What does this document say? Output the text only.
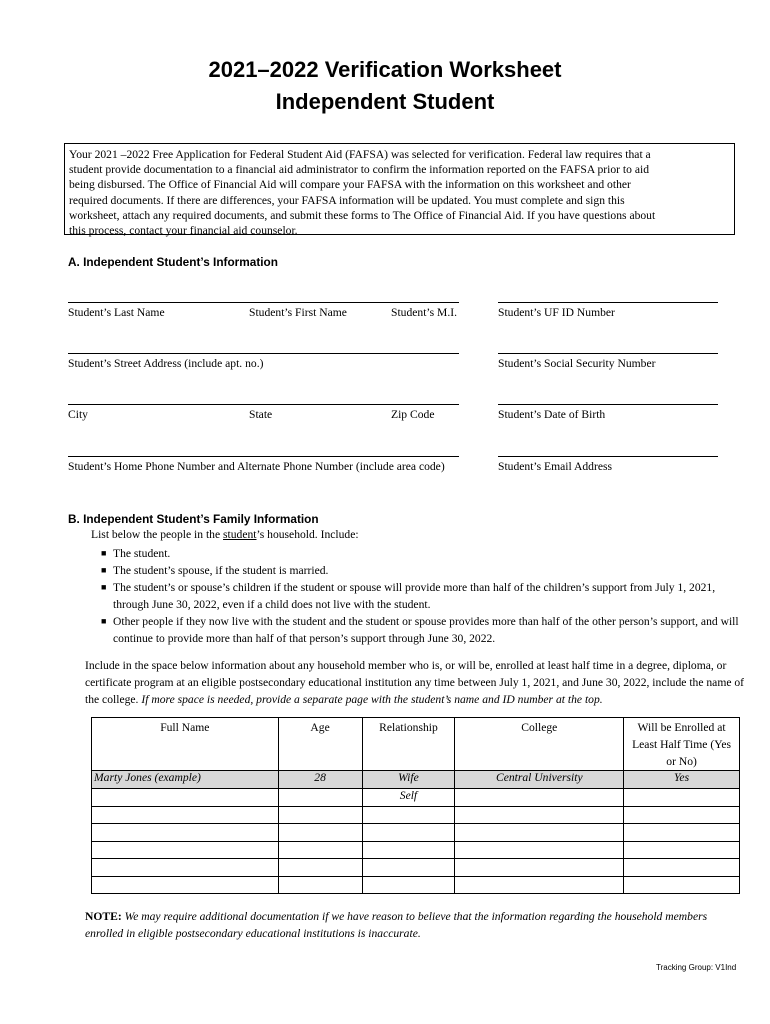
2021–2022 Verification Worksheet
Independent Student
Your 2021 –2022 Free Application for Federal Student Aid (FAFSA) was selected for verification. Federal law requires that a
student provide documentation to a financial aid administrator to confirm the information reported on the FAFSA prior to aid
being disbursed. The Office of Financial Aid will compare your FAFSA with the information on this worksheet and other
required documents. If there are differences, your FAFSA information will be updated. You must complete and sign this
worksheet, attach any required documents, and submit these forms to The Office of Financial Aid. If you have questions about
this process, contact your financial aid counselor.
A. Independent Student’s Information
Student’s Last Name	Student’s First Name	Student’s M.I.	Student’s UF ID Number
Student’s Street Address (include apt. no.)	Student’s Social Security Number
City	State	Zip Code	Student’s Date of Birth
Student’s Home Phone Number and Alternate Phone Number (include area code)	Student’s Email Address
B. Independent Student’s Family Information
List below the people in the student’s household. Include:
■ The student.
■ The student’s spouse, if the student is married.
■ The student’s or spouse’s children if the student or spouse will provide more than half of the children’s support from July 1, 2021, through June 30, 2022, even if a child does not live with the student.
■ Other people if they now live with the student and the student or spouse provides more than half of the other person’s support, and will continue to provide more than half of that person’s support through June 30, 2022.
Include in the space below information about any household member who is, or will be, enrolled at least half time in a degree, diploma, or certificate program at an eligible postsecondary educational institution any time between July 1, 2021, and June 30, 2022, include the name of the college. If more space is needed, provide a separate page with the student’s name and ID number at the top.
Full Name	Age	Relationship	College	Will be Enrolled at Least Half Time (Yes or No)
Marty Jones (example)	28	Wife	Central University	Yes
		Self		

NOTE: We may require additional documentation if we have reason to believe that the information regarding the household members enrolled in eligible postsecondary educational institutions is inaccurate.
Tracking Group: V1Ind
